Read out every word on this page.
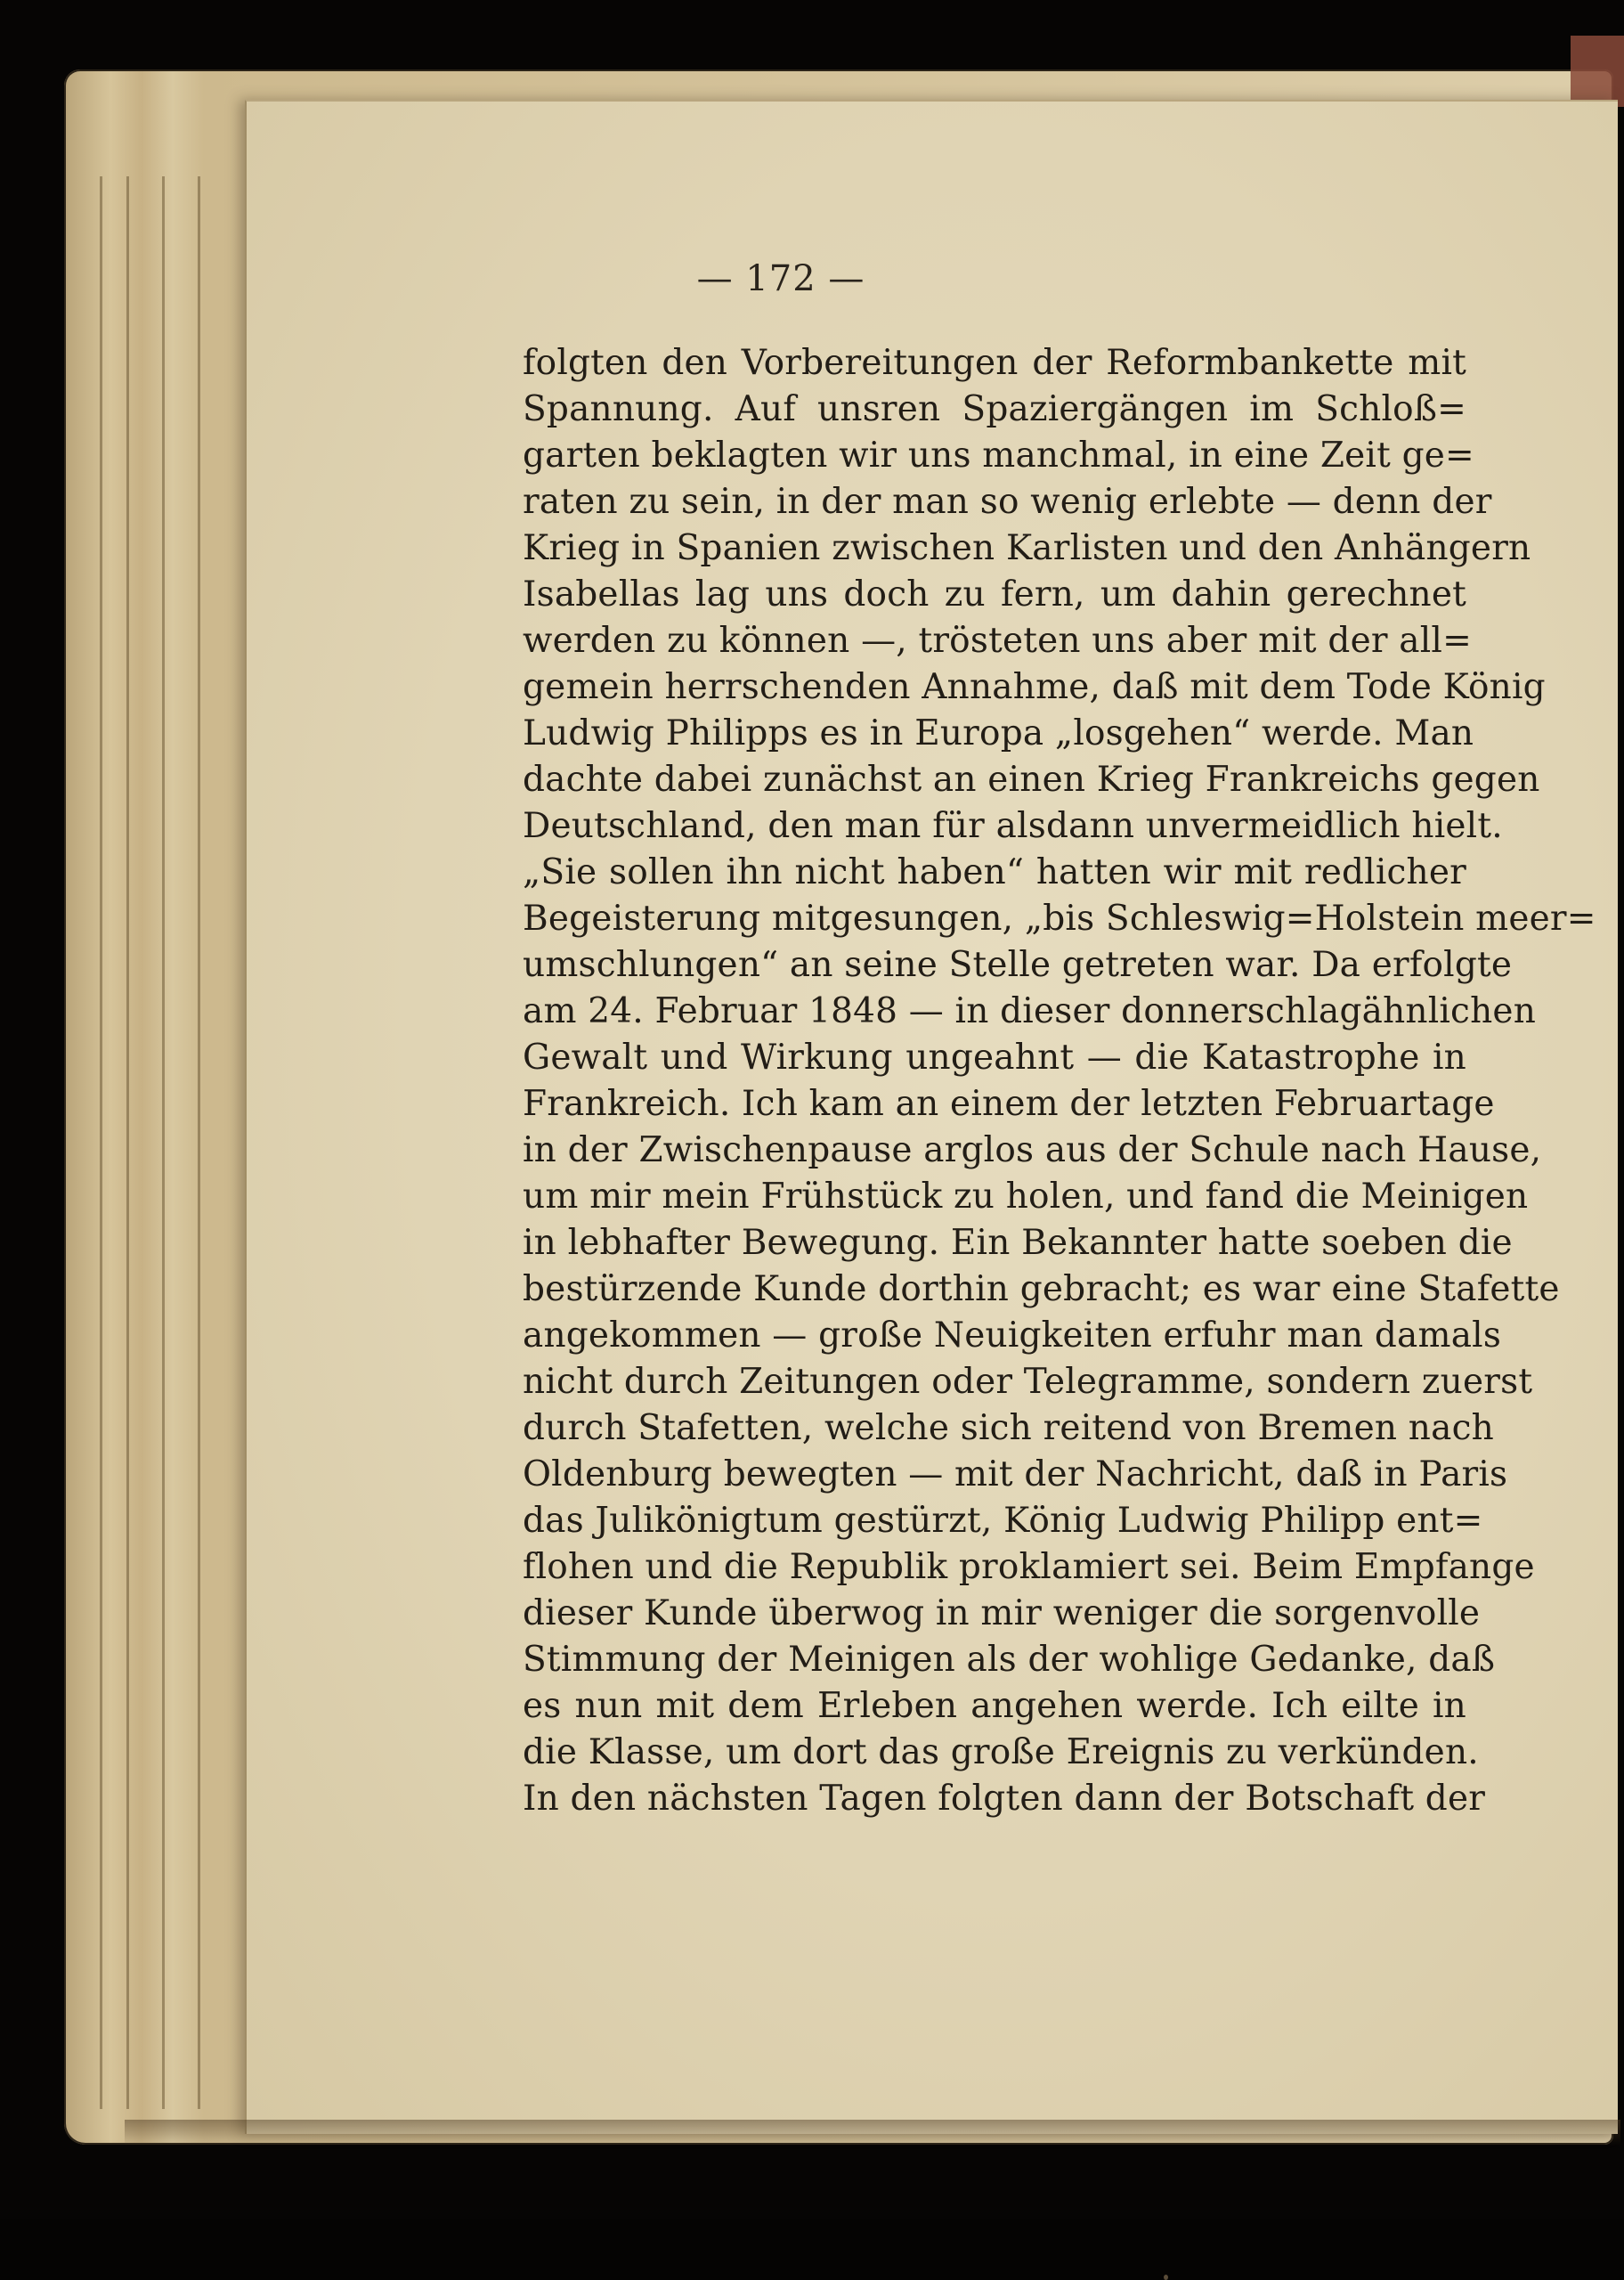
— 172 —
folgten den Vorbereitungen der Reformbankette mit
Spannung. Auf unsren Spaziergängen im Schloß=
garten beklagten wir uns manchmal, in eine Zeit ge=
raten zu sein, in der man so wenig erlebte — denn der
Krieg in Spanien zwischen Karlisten und den Anhängern
Isabellas lag uns doch zu fern, um dahin gerechnet
werden zu können —, trösteten uns aber mit der all=
gemein herrschenden Annahme, daß mit dem Tode König
Ludwig Philipps es in Europa „losgehen“ werde. Man
dachte dabei zunächst an einen Krieg Frankreichs gegen
Deutschland, den man für alsdann unvermeidlich hielt.
„Sie sollen ihn nicht haben“ hatten wir mit redlicher
Begeisterung mitgesungen, „bis Schleswig=Holstein meer=
umschlungen“ an seine Stelle getreten war. Da erfolgte
am 24. Februar 1848 — in dieser donnerschlagähnlichen
Gewalt und Wirkung ungeahnt — die Katastrophe in
Frankreich. Ich kam an einem der letzten Februartage
in der Zwischenpause arglos aus der Schule nach Hause,
um mir mein Frühstück zu holen, und fand die Meinigen
in lebhafter Bewegung. Ein Bekannter hatte soeben die
bestürzende Kunde dorthin gebracht; es war eine Stafette
angekommen — große Neuigkeiten erfuhr man damals
nicht durch Zeitungen oder Telegramme, sondern zuerst
durch Stafetten, welche sich reitend von Bremen nach
Oldenburg bewegten — mit der Nachricht, daß in Paris
das Julikönigtum gestürzt, König Ludwig Philipp ent=
flohen und die Republik proklamiert sei. Beim Empfange
dieser Kunde überwog in mir weniger die sorgenvolle
Stimmung der Meinigen als der wohlige Gedanke, daß
es nun mit dem Erleben angehen werde. Ich eilte in
die Klasse, um dort das große Ereignis zu verkünden.
In den nächsten Tagen folgten dann der Botschaft der
